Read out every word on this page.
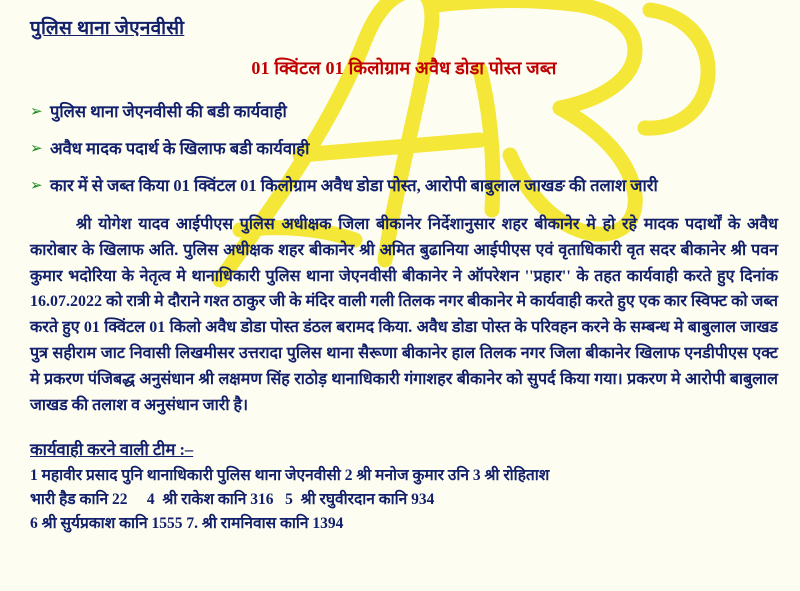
पुलिस थाना जेएनवीसी
01 क्विंटल 01 किलोग्राम अवैध डोडा पोस्त जब्त
➢ पुलिस थाना जेएनवीसी की बडी कार्यवाही
➢ अवैध मादक पदार्थ के खिलाफ बडी कार्यवाही
➢ कार में से जब्त किया 01 क्विंटल 01 किलोग्राम अवैध डोडा पोस्त, आरोपी बाबुलाल जाखङ की तलाश जारी
श्री योगेश यादव आईपीएस पुलिस अधीक्षक जिला बीकानेर निर्देशानुसार शहर बीकानेर मे हो रहे मादक पदार्थों के अवैध कारोबार के खिलाफ अति. पुलिस अधीक्षक शहर बीकानेर श्री अमित बुढानिया आईपीएस एवं वृताधिकारी वृत सदर बीकानेर श्री पवन कुमार भदोरिया के नेतृत्व मे थानाधिकारी पुलिस थाना जेएनवीसी बीकानेर ने ऑपरेशन ''प्रहार'' के तहत कार्यवाही करते हुए दिनांक 16.07.2022 को रात्री मे दौराने गश्त ठाकुर जी के मंदिर वाली गली तिलक नगर बीकानेर मे कार्यवाही करते हुए एक कार स्विफ्ट को जब्त करते हुए 01 क्विंटल 01 किलो अवैध डोडा पोस्त डंठल बरामद किया. अवैध डोडा पोस्त के परिवहन करने के सम्बन्ध मे बाबुलाल जाखड पुत्र सहीराम जाट निवासी लिखमीसर उत्तरादा पुलिस थाना सैरूणा बीकानेर हाल तिलक नगर जिला बीकानेर खिलाफ एनडीपीएस एक्ट मे प्रकरण पंजिबद्ध अनुसंधान श्री लक्षमण सिंह राठोड़ थानाधिकारी गंगाशहर बीकानेर को सुपर्द किया गया। प्रकरण मे आरोपी बाबुलाल जाखड की तलाश व अनुसंधान जारी है।
कार्यवाही करने वाली टीम :–
1 महावीर प्रसाद पुनि थानाधिकारी पुलिस थाना जेएनवीसी 2 श्री मनोज कुमार उनि 3 श्री रोहिताश
भारी हैड कानि 22     4  श्री राकेश कानि 316   5  श्री रघुवीरदान कानि 934
6 श्री सुर्यप्रकाश कानि 1555 7. श्री रामनिवास कानि 1394
